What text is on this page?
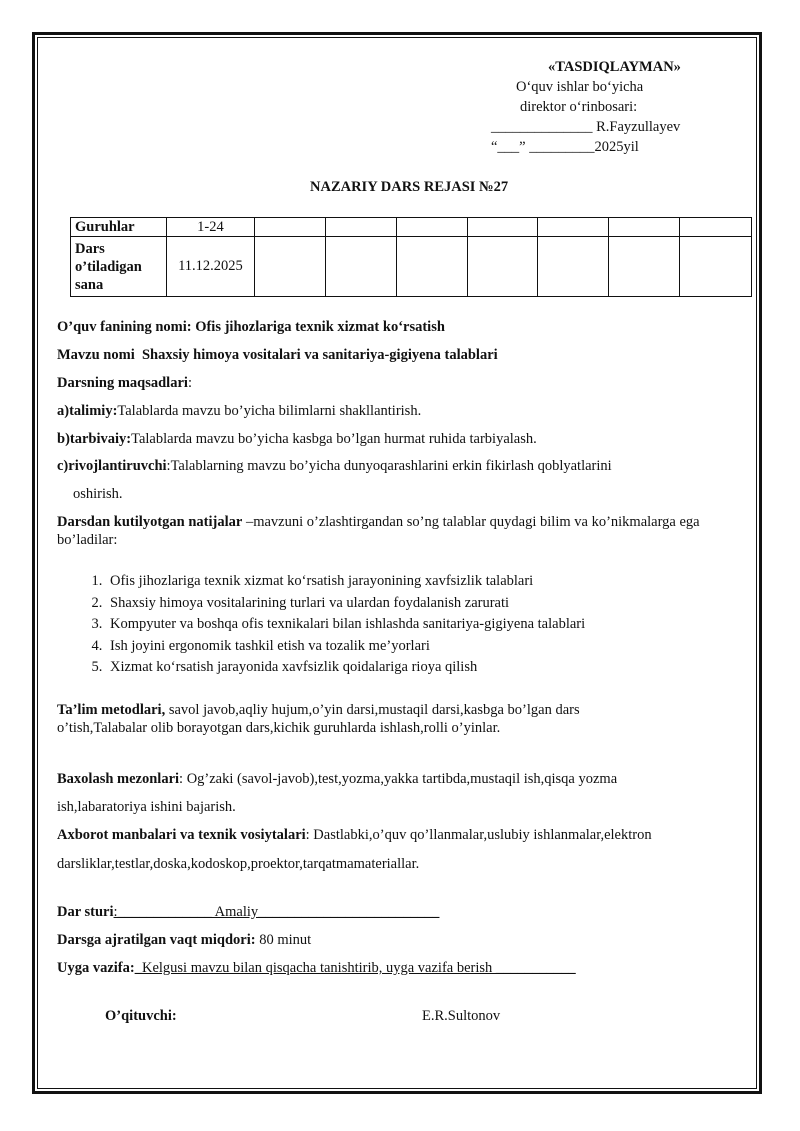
«TASDIQLAYMAN»
O‘quv ishlar bo‘yicha
direktor o‘rinbosari:
______________ R.Fayzullayev
“___” _________2025yil
NAZARIY DARS REJASI №27
Guruhlar	1-24							
Dars o’tiladigan sana	11.12.2025							
O’quv fanining nomi: Ofis jihozlariga texnik xizmat ko‘rsatish
Mavzu nomi Shaxsiy himoya vositalari va sanitariya-gigiyena talablari
Darsning maqsadlari:
a)talimiy:Talablarda mavzu bo’yicha bilimlarni shakllantirish.
b)tarbivaiy:Talablarda mavzu bo’yicha kasbga bo’lgan hurmat ruhida tarbiyalash.
c)rivojlantiruvchi:Talablarning mavzu bo’yicha dunyoqarashlarini erkin fikirlash qoblyatlarini
oshirish.
Darsdan kutilyotgan natijalar –mavzuni o’zlashtirgandan so’ng talablar quydagi bilim va ko’nikmalarga ega bo’ladilar:
1. Ofis jihozlariga texnik xizmat ko‘rsatish jarayonining xavfsizlik talablari
2. Shaxsiy himoya vositalarining turlari va ulardan foydalanish zarurati
3. Kompyuter va boshqa ofis texnikalari bilan ishlashda sanitariya-gigiyena talablari
4. Ish joyini ergonomik tashkil etish va tozalik me’yorlari
5. Xizmat ko‘rsatish jarayonida xavfsizlik qoidalariga rioya qilish
Ta’lim metodlari, savol javob,aqliy hujum,o’yin darsi,mustaqil darsi,kasbga bo’lgan dars o’tish,Talabalar olib borayotgan dars,kichik guruhlarda ishlash,rolli o’yinlar.
Baxolash mezonlari: Og’zaki (savol-javob),test,yozma,yakka tartibda,mustaqil ish,qisqa yozma
ish,labaratoriya ishini bajarish.
Axborot manbalari va texnik vosiytalari: Dastlabki,o’quv qo’llanmalar,uslubiy ishlanmalar,elektron
darsliklar,testlar,doska,kodoskop,proektor,tarqatmamateriallar.
Dar sturi:_____________ Amaliy_________________________
Darsga ajratilgan vaqt miqdori: 80 minut
Uyga vazifa:_Kelgusi mavzu bilan qisqacha tanishtirib, uyga vazifa berish ___________
O’qituvchi:	E.R.Sultonov
